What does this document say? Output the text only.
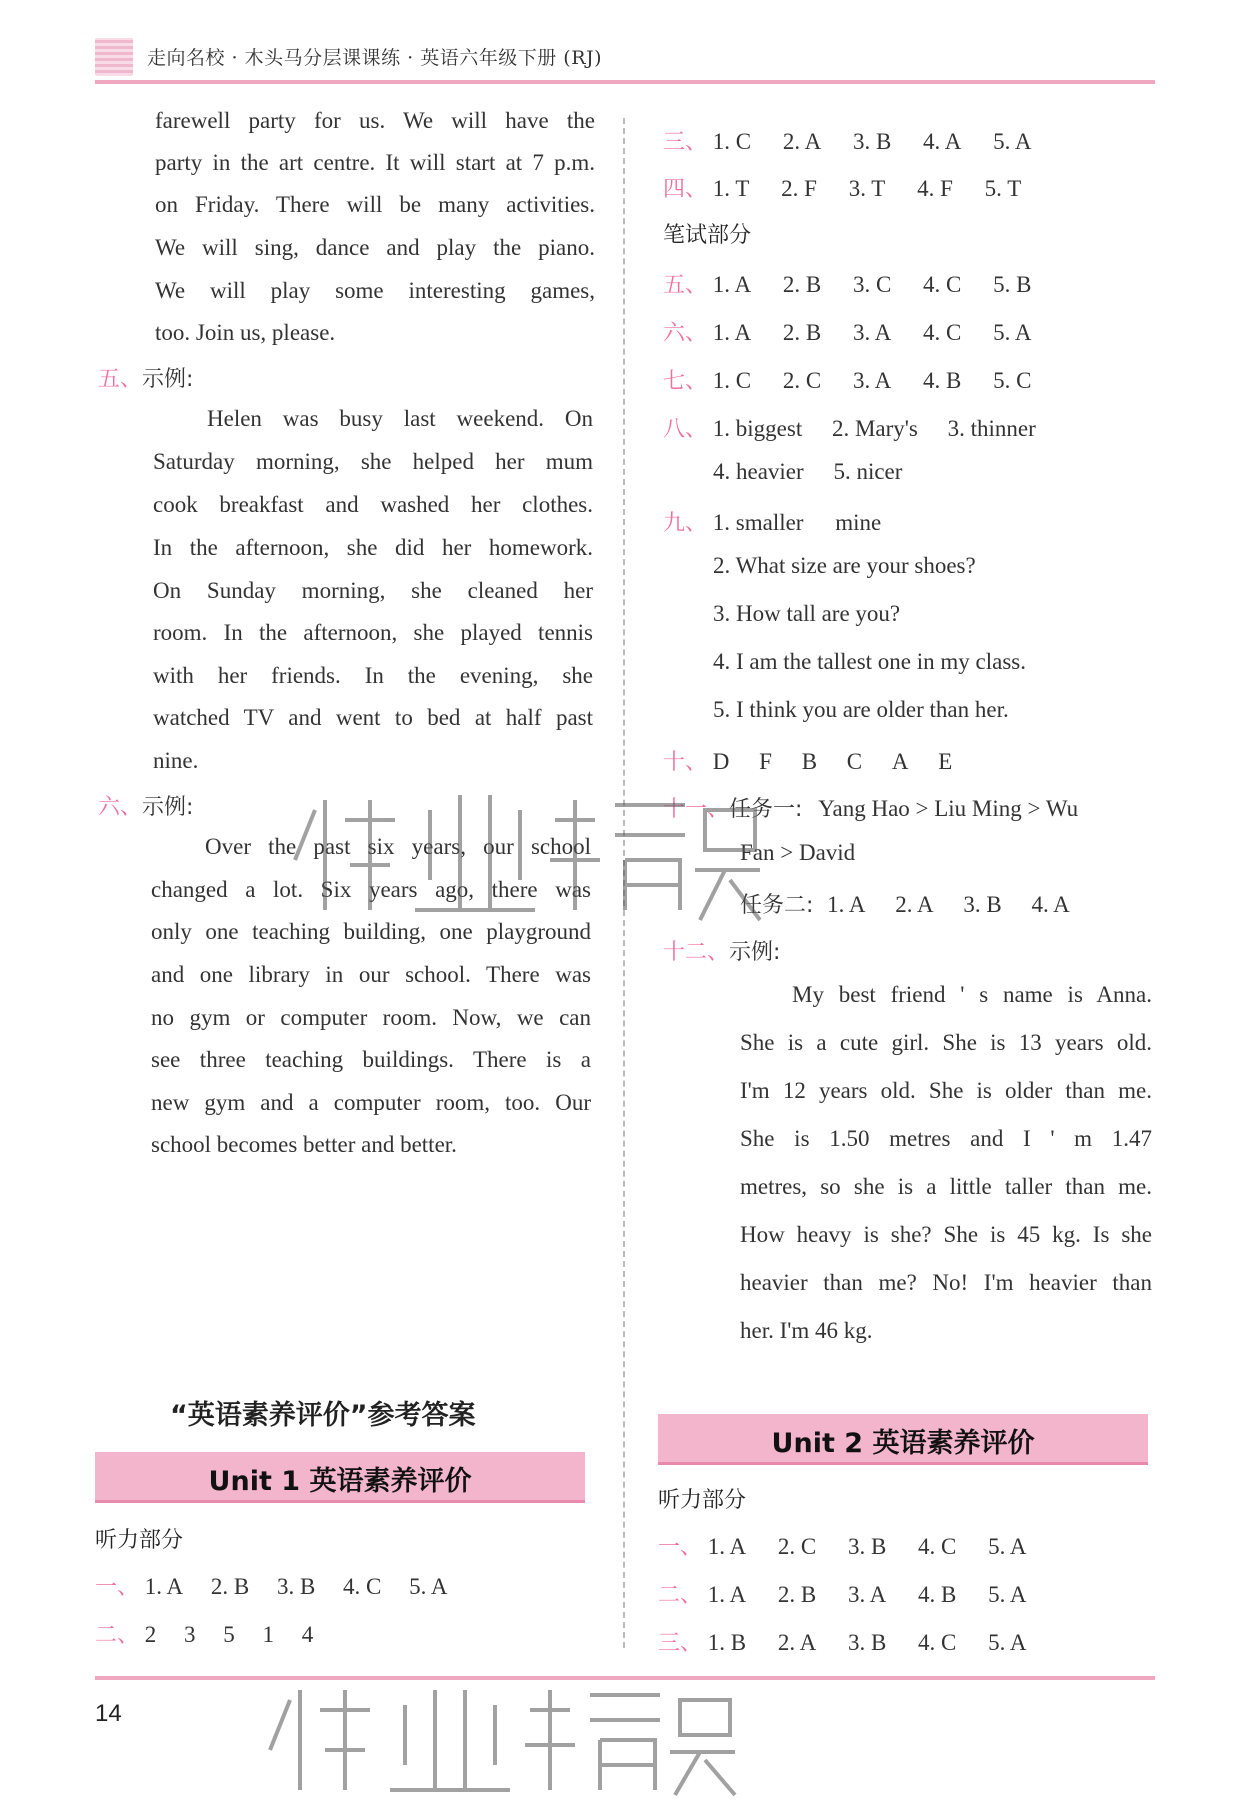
走向名校 · 木头马分层课课练 · 英语六年级下册 (RJ)
farewell party for us. We will have the
party in the art centre. It will start at 7 p.m.
on Friday. There will be many activities.
We will sing, dance and play the piano.
We will play some interesting games,
too. Join us, please.
五、示例:
Helen was busy last weekend. On
Saturday morning, she helped her mum
cook breakfast and washed her clothes.
In the afternoon, she did her homework.
On Sunday morning, she cleaned her
room. In the afternoon, she played tennis
with her friends. In the evening, she
watched TV and went to bed at half past
nine.
六、示例:
Over the past six years, our school
changed a lot. Six years ago, there was
only one teaching building, one playground
and one library in our school. There was
no gym or computer room. Now, we can
see three teaching buildings. There is a
new gym and a computer room, too. Our
school becomes better and better.
“英语素养评价”参考答案
Unit 1 英语素养评价
听力部分
一、 1. A 2. B 3. B 4. C 5. A
二、 2 3 5 1 4
三、 1. C 2. A 3. B 4. A 5. A
四、 1. T 2. F 3. T 4. F 5. T
笔试部分
五、 1. A 2. B 3. C 4. C 5. B
六、 1. A 2. B 3. A 4. C 5. A
七、 1. C 2. C 3. A 4. B 5. C
八、 1. biggest 2. Mary's 3. thinner
4. heavier 5. nicer
九、 1. smaller mine
2. What size are your shoes?
3. How tall are you?
4. I am the tallest one in my class.
5. I think you are older than her.
十、 D F B C A E
十一、任务一: Yang Hao > Liu Ming > Wu
Fan > David
任务二: 1. A 2. A 3. B 4. A
十二、示例:
My best friend ' s name is Anna.
She is a cute girl. She is 13 years old.
I'm 12 years old. She is older than me.
She is 1.50 metres and I ' m 1.47
metres, so she is a little taller than me.
How heavy is she? She is 45 kg. Is she
heavier than me? No! I'm heavier than
her. I'm 46 kg.
Unit 2 英语素养评价
听力部分
一、 1. A 2. C 3. B 4. C 5. A
二、 1. A 2. B 3. A 4. B 5. A
三、 1. B 2. A 3. B 4. C 5. A
14
